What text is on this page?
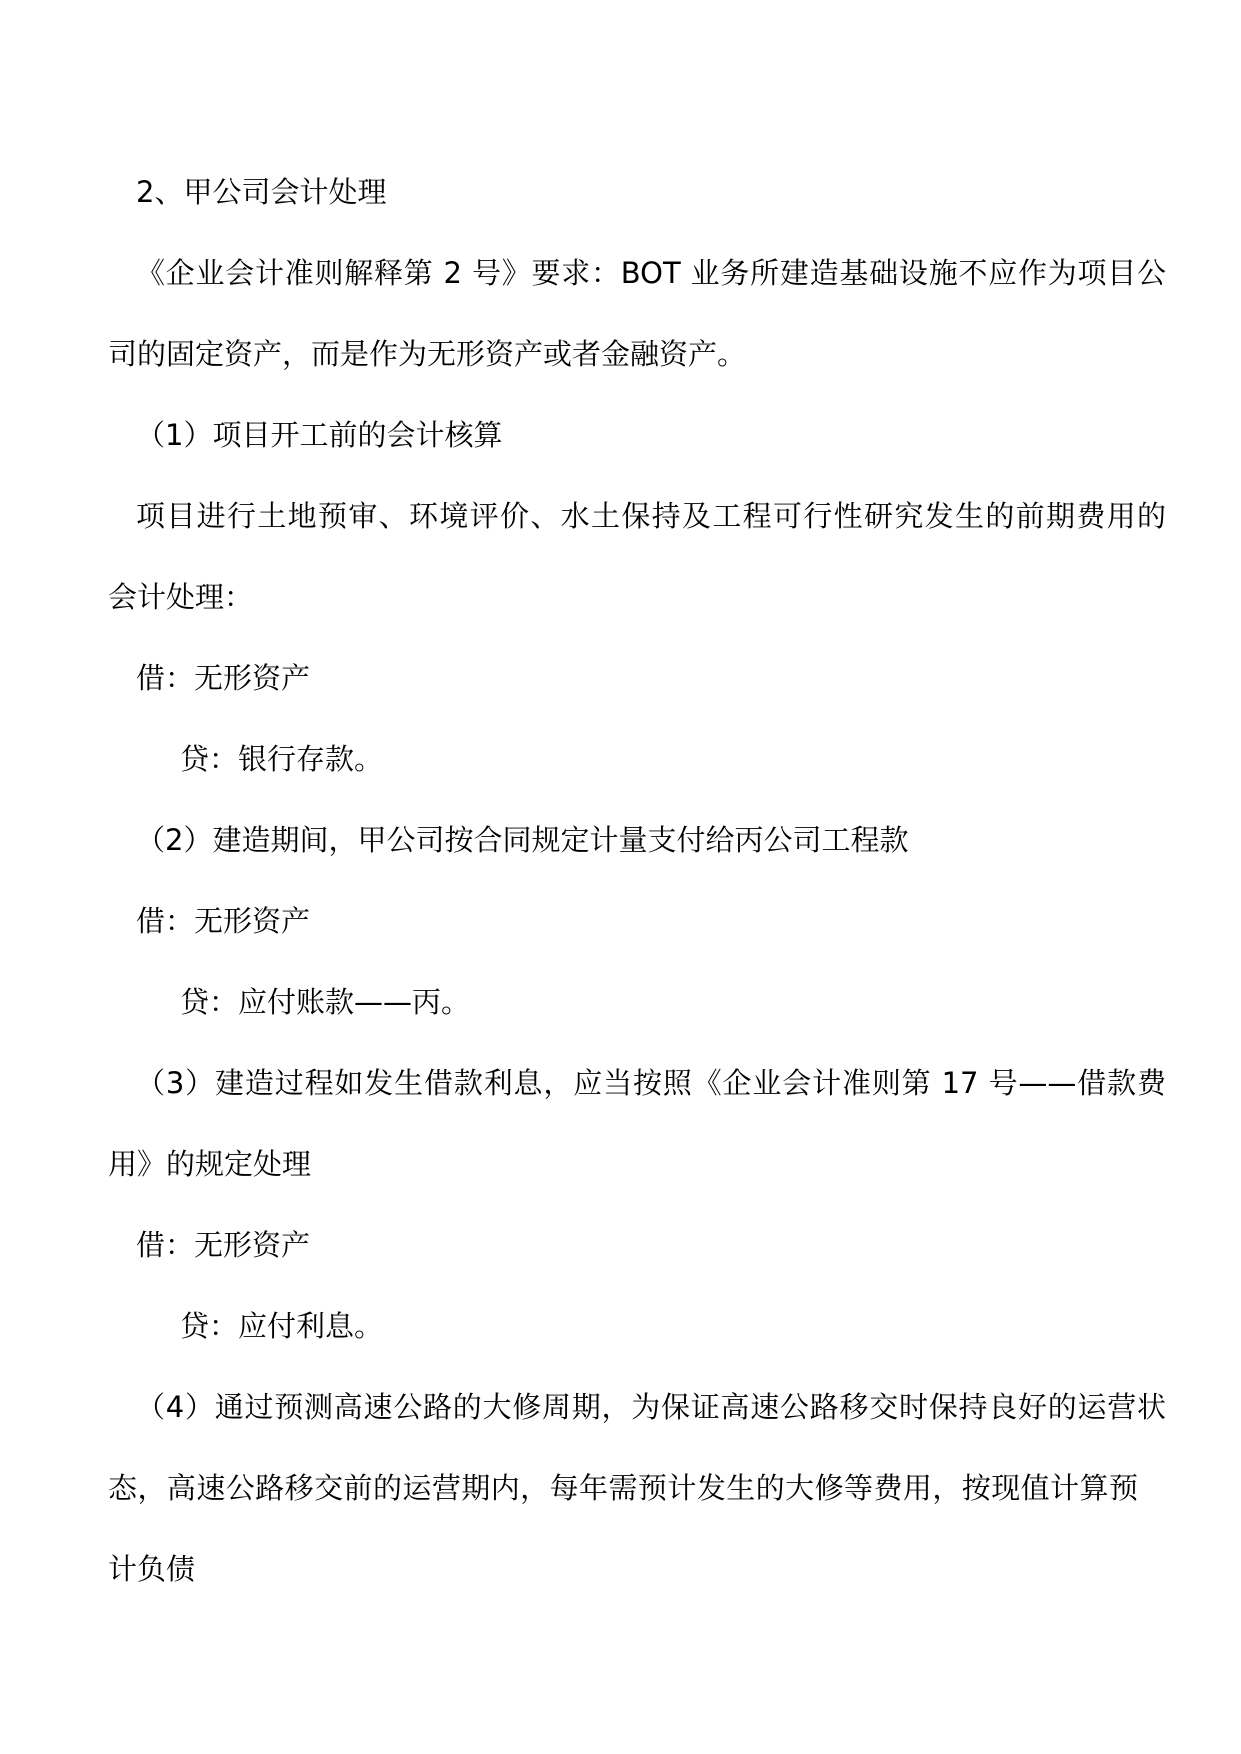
2、甲公司会计处理
《企业会计准则解释第 2 号》要求：BOT 业务所建造基础设施不应作为项目公
司的固定资产，而是作为无形资产或者金融资产。
（1）项目开工前的会计核算
项目进行土地预审、环境评价、水土保持及工程可行性研究发生的前期费用的
会计处理：
借：无形资产
贷：银行存款。
（2）建造期间，甲公司按合同规定计量支付给丙公司工程款
借：无形资产
贷：应付账款——丙。
（3）建造过程如发生借款利息，应当按照《企业会计准则第 17 号——借款费
用》的规定处理
借：无形资产
贷：应付利息。
（4）通过预测高速公路的大修周期，为保证高速公路移交时保持良好的运营状
态，高速公路移交前的运营期内，每年需预计发生的大修等费用，按现值计算预
计负债
